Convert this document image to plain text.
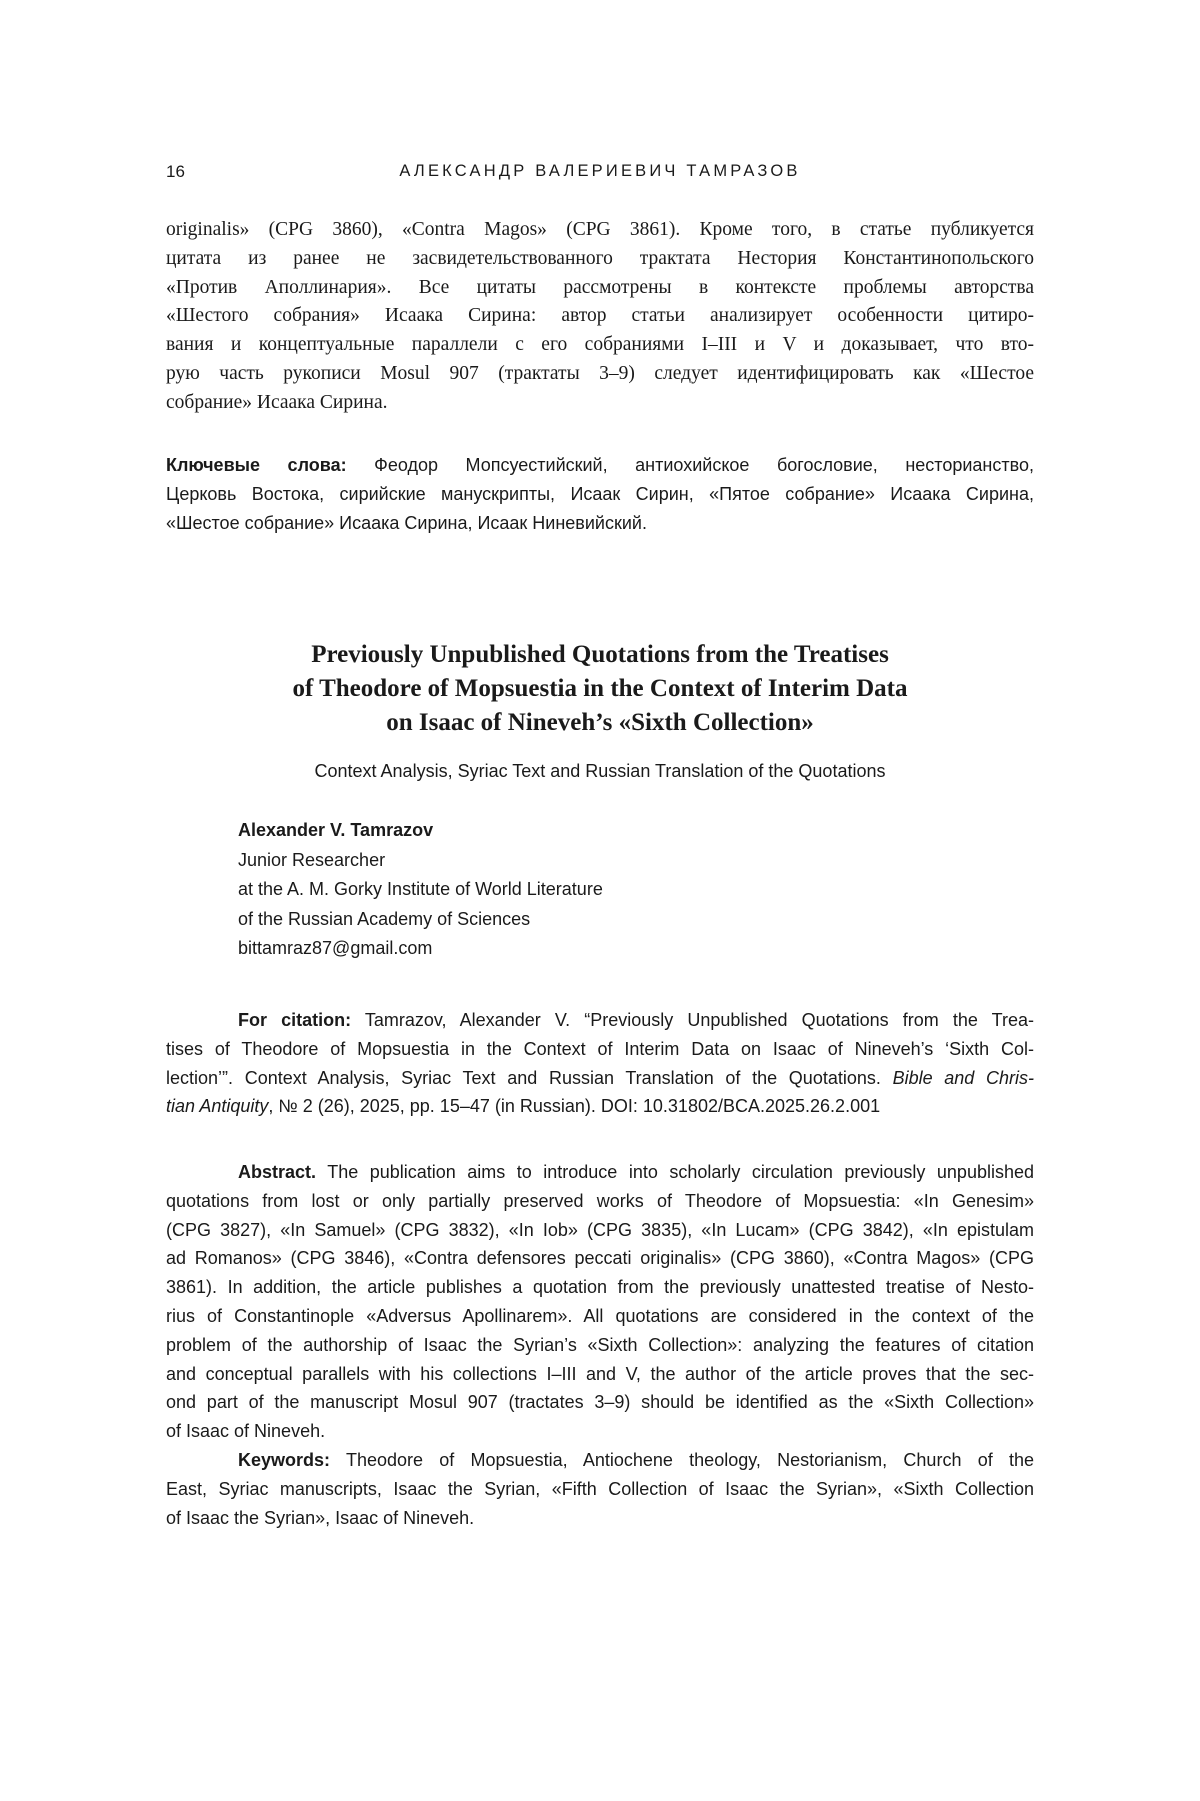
16	АЛЕКСАНДР ВАЛЕРИЕВИЧ ТАМРАЗОВ
originalis» (CPG 3860), «Contra Magos» (CPG 3861). Кроме того, в статье публикуется
цитата из ранее не засвидетельствованного трактата Нестория Константинопольского
«Против Аполлинария». Все цитаты рассмотрены в контексте проблемы авторства
«Шестого собрания» Исаака Сирина: автор статьи анализирует особенности цитиро-
вания и концептуальные параллели с его собраниями I–III и V и доказывает, что вто-
рую часть рукописи Mosul 907 (трактаты 3–9) следует идентифицировать как «Шестое
собрание» Исаака Сирина.
Ключевые слова: Феодор Мопсуестийский, антиохийское богословие, несторианство,
Церковь Востока, сирийские манускрипты, Исаак Сирин, «Пятое собрание» Исаака Сирина,
«Шестое собрание» Исаака Сирина, Исаак Ниневийский.
Previously Unpublished Quotations from the Treatises
of Theodore of Mopsuestia in the Context of Interim Data
on Isaac of Nineveh’s «Sixth Collection»
Context Analysis, Syriac Text and Russian Translation of the Quotations
Alexander V. Tamrazov
Junior Researcher
at the A. M. Gorky Institute of World Literature
of the Russian Academy of Sciences
bittamraz87@gmail.com
For citation: Tamrazov, Alexander V. “Previously Unpublished Quotations from the Trea-
tises of Theodore of Mopsuestia in the Context of Interim Data on Isaac of Nineveh’s ‘Sixth Col-
lection’”. Context Analysis, Syriac Text and Russian Translation of the Quotations. Bible and Chris-
tian Antiquity, № 2 (26), 2025, pp. 15–47 (in Russian). DOI: 10.31802/BCA.2025.26.2.001
Abstract. The publication aims to introduce into scholarly circulation previously unpublished
quotations from lost or only partially preserved works of Theodore of Mopsuestia: «In Genesim»
(CPG 3827), «In Samuel» (CPG 3832), «In Iob» (CPG 3835), «In Lucam» (CPG 3842), «In epistulam
ad Romanos» (CPG 3846), «Contra defensores peccati originalis» (CPG 3860), «Contra Magos» (CPG
3861). In addition, the article publishes a quotation from the previously unattested treatise of Nesto-
rius of Constantinople «Adversus Apollinarem». All quotations are considered in the context of the
problem of the authorship of Isaac the Syrian’s «Sixth Collection»: analyzing the features of citation
and conceptual parallels with his collections I–III and V, the author of the article proves that the sec-
ond part of the manuscript Mosul 907 (tractates 3–9) should be identified as the «Sixth Collection»
of Isaac of Nineveh.
Keywords: Theodore of Mopsuestia, Antiochene theology, Nestorianism, Church of the
East, Syriac manuscripts, Isaac the Syrian, «Fifth Collection of Isaac the Syrian», «Sixth Collection
of Isaac the Syrian», Isaac of Nineveh.
